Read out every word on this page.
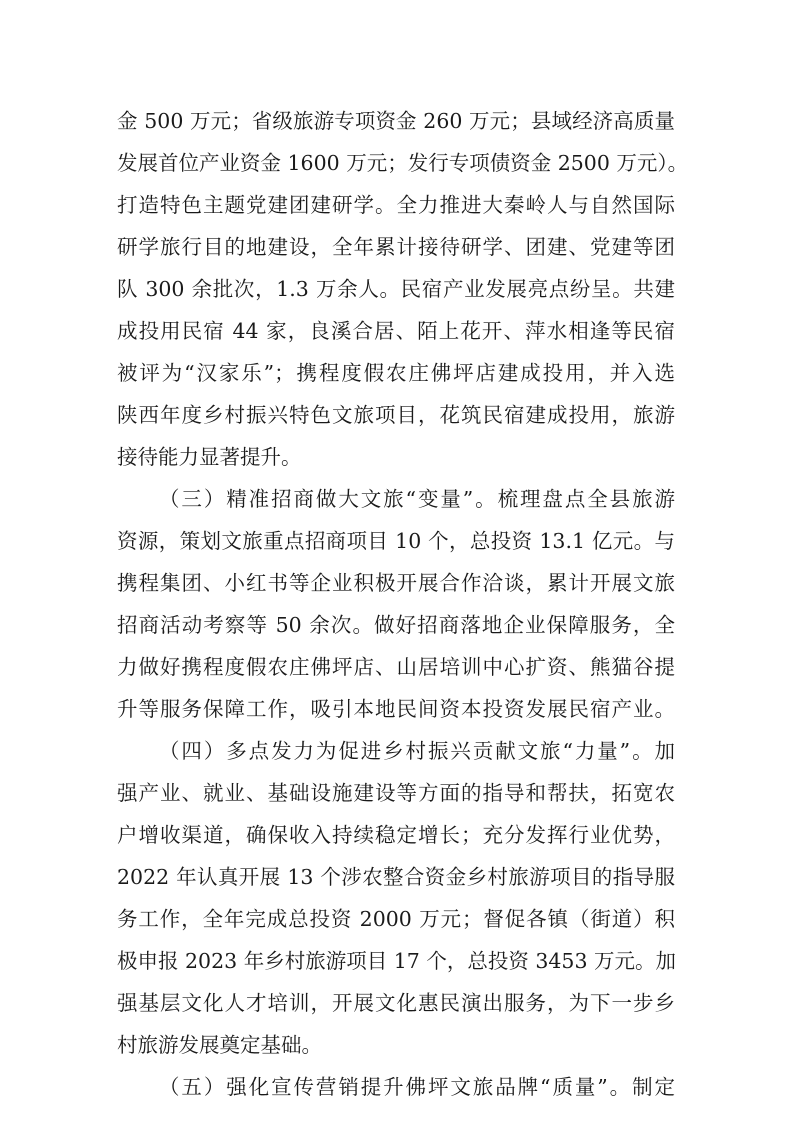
金 500 万元；省级旅游专项资金 260 万元；县域经济高质量
发展首位产业资金 1600 万元；发行专项债资金 2500 万元）。
打造特色主题党建团建研学。全力推进大秦岭人与自然国际
研学旅行目的地建设，全年累计接待研学、团建、党建等团
队 300 余批次，1.3 万余人。民宿产业发展亮点纷呈。共建
成投用民宿 44 家，良溪合居、陌上花开、萍水相逢等民宿
被评为“汉家乐”；携程度假农庄佛坪店建成投用，并入选
陕西年度乡村振兴特色文旅项目，花筑民宿建成投用，旅游
接待能力显著提升。
（三）精准招商做大文旅“变量”。梳理盘点全县旅游
资源，策划文旅重点招商项目 10 个，总投资 13.1 亿元。与
携程集团、小红书等企业积极开展合作洽谈，累计开展文旅
招商活动考察等 50 余次。做好招商落地企业保障服务，全
力做好携程度假农庄佛坪店、山居培训中心扩资、熊猫谷提
升等服务保障工作，吸引本地民间资本投资发展民宿产业。
（四）多点发力为促进乡村振兴贡献文旅“力量”。加
强产业、就业、基础设施建设等方面的指导和帮扶，拓宽农
户增收渠道，确保收入持续稳定增长；充分发挥行业优势，
2022 年认真开展 13 个涉农整合资金乡村旅游项目的指导服
务工作，全年完成总投资 2000 万元；督促各镇（街道）积
极申报 2023 年乡村旅游项目 17 个，总投资 3453 万元。加
强基层文化人才培训，开展文化惠民演出服务，为下一步乡
村旅游发展奠定基础。
（五）强化宣传营销提升佛坪文旅品牌“质量”。制定
